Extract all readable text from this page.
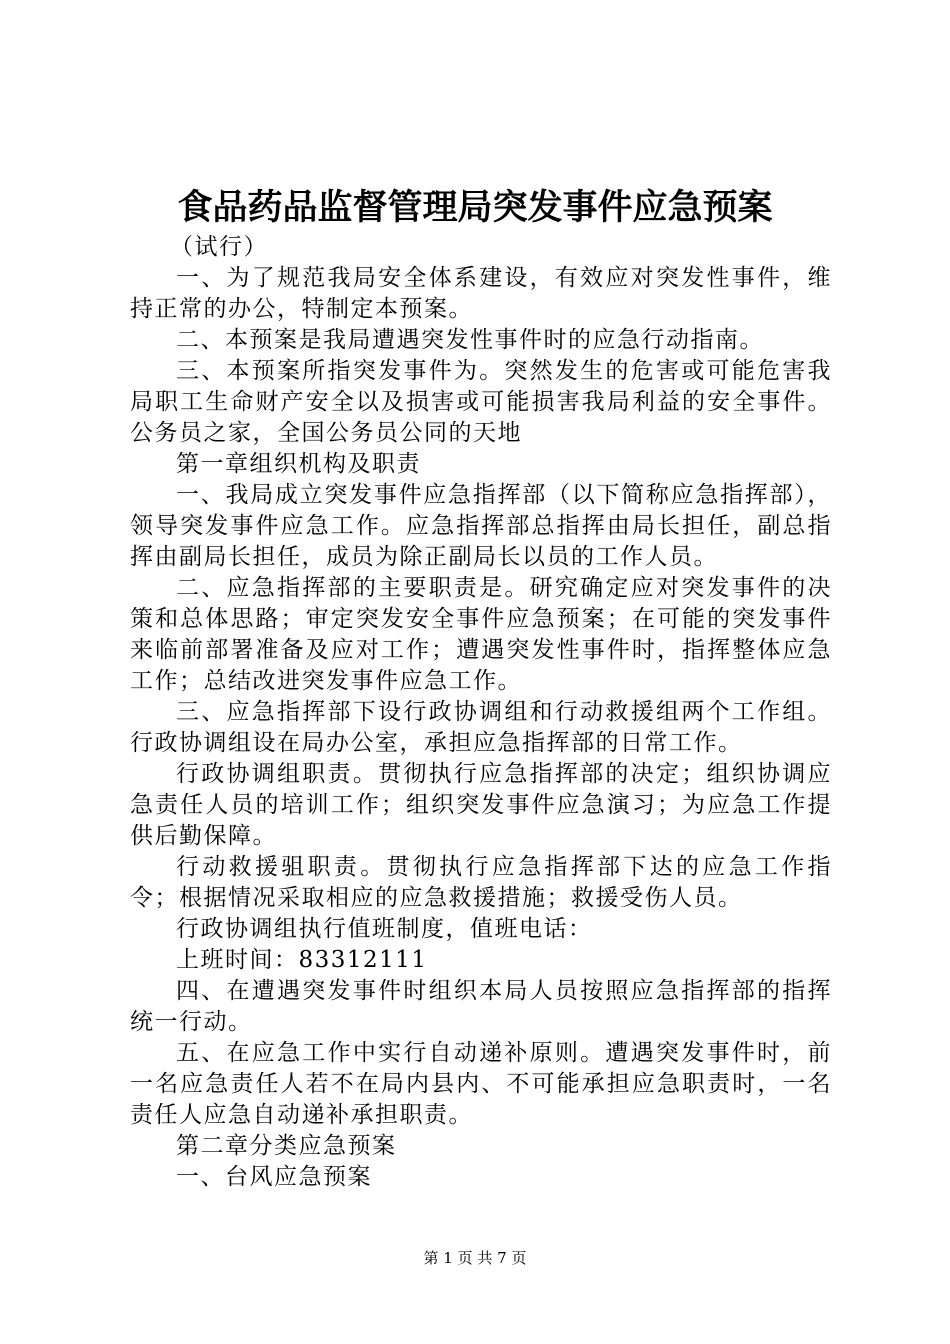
食品药品监督管理局突发事件应急预案

（试行）

一、为了规范我局安全体系建设，有效应对突发性事件，维持正常的办公，特制定本预案。

二、本预案是我局遭遇突发性事件时的应急行动指南。

三、本预案所指突发事件为。突然发生的危害或可能危害我局职工生命财产安全以及损害或可能损害我局利益的安全事件。公务员之家，全国公务员公同的天地

第一章组织机构及职责

一、我局成立突发事件应急指挥部（以下简称应急指挥部），领导突发事件应急工作。应急指挥部总指挥由局长担任，副总指挥由副局长担任，成员为除正副局长以员的工作人员。

二、应急指挥部的主要职责是。研究确定应对突发事件的决策和总体思路；审定突发安全事件应急预案；在可能的突发事件来临前部署准备及应对工作；遭遇突发性事件时，指挥整体应急工作；总结改进突发事件应急工作。

三、应急指挥部下设行政协调组和行动救援组两个工作组。行政协调组设在局办公室，承担应急指挥部的日常工作。

行政协调组职责。贯彻执行应急指挥部的决定；组织协调应急责任人员的培训工作；组织突发事件应急演习；为应急工作提供后勤保障。

行动救援驵职责。贯彻执行应急指挥部下达的应急工作指令；根据情况采取相应的应急救援措施；救援受伤人员。

行政协调组执行值班制度，值班电话：

上班时间：83312111

四、在遭遇突发事件时组织本局人员按照应急指挥部的指挥统一行动。

五、在应急工作中实行自动递补原则。遭遇突发事件时，前一名应急责任人若不在局内县内、不可能承担应急职责时，一名责任人应急自动递补承担职责。

第二章分类应急预案

一、台风应急预案

第 1 页 共 7 页
